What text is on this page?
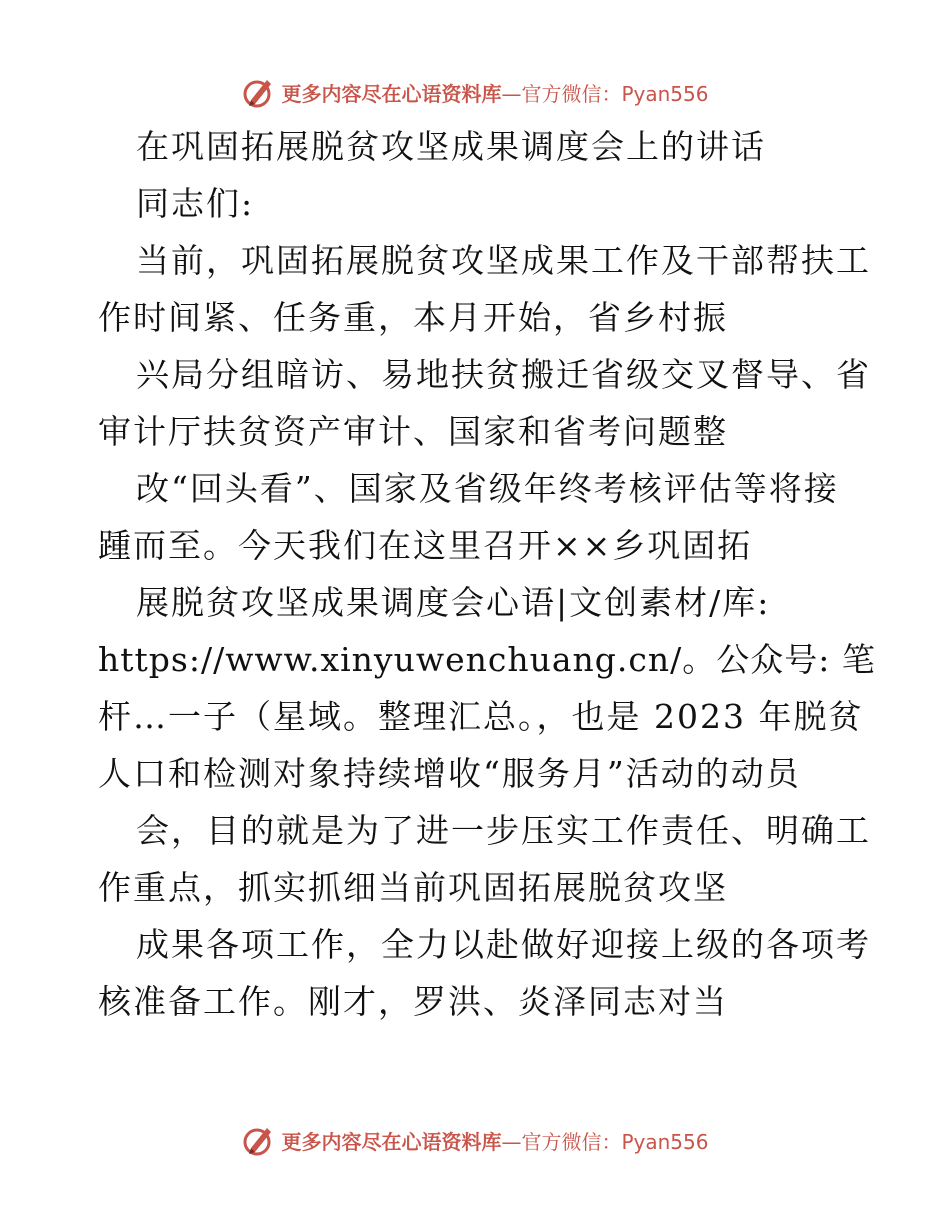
更多内容尽在心语资料库—官方微信：Pyan556
在巩固拓展脱贫攻坚成果调度会上的讲话
同志们:
当前，巩固拓展脱贫攻坚成果工作及干部帮扶工
作时间紧、任务重，本月开始，省乡村振
兴局分组暗访、易地扶贫搬迁省级交叉督导、省
审计厅扶贫资产审计、国家和省考问题整
改“回头看”、国家及省级年终考核评估等将接
踵而至。今天我们在这里召开××乡巩固拓
展脱贫攻坚成果调度会心语|文创素材/库:
https://www.xinyuwenchuang.cn/。公众号: 笔
杆…一子（星域。整理汇总。，也是 2023 年脱贫
人口和检测对象持续增收“服务月”活动的动员
会，目的就是为了进一步压实工作责任、明确工
作重点，抓实抓细当前巩固拓展脱贫攻坚
成果各项工作，全力以赴做好迎接上级的各项考
核准备工作。刚才，罗洪、炎泽同志对当
更多内容尽在心语资料库—官方微信：Pyan556
